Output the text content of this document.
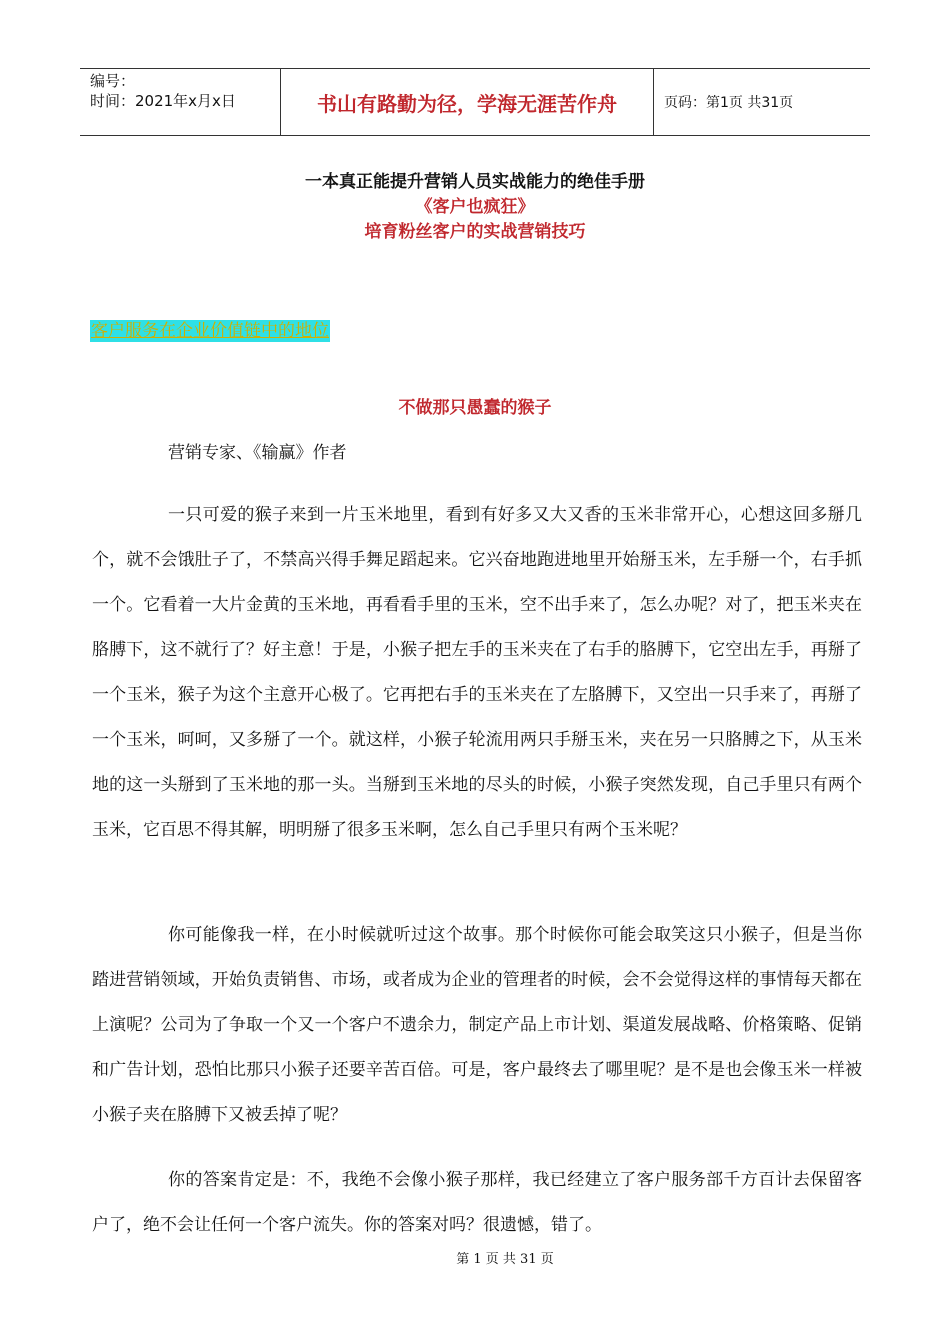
编号：
时间：2021年x月x日	书山有路勤为径，学海无涯苦作舟	页码：第1页 共31页
一本真正能提升营销人员实战能力的绝佳手册
《客户也疯狂》
培育粉丝客户的实战营销技巧
客户服务在企业价值链中的地位
不做那只愚蠢的猴子
营销专家、《输赢》作者

一只可爱的猴子来到一片玉米地里，看到有好多又大又香的玉米非常开心，心想这回多掰几个，就不会饿肚子了，不禁高兴得手舞足蹈起来。它兴奋地跑进地里开始掰玉米，左手掰一个，右手抓一个。它看着一大片金黄的玉米地，再看看手里的玉米，空不出手来了，怎么办呢？对了，把玉米夹在胳膊下，这不就行了？好主意！于是，小猴子把左手的玉米夹在了右手的胳膊下，它空出左手，再掰了一个玉米，猴子为这个主意开心极了。它再把右手的玉米夹在了左胳膊下，又空出一只手来了，再掰了一个玉米，呵呵，又多掰了一个。就这样，小猴子轮流用两只手掰玉米，夹在另一只胳膊之下，从玉米地的这一头掰到了玉米地的那一头。当掰到玉米地的尽头的时候，小猴子突然发现，自己手里只有两个玉米，它百思不得其解，明明掰了很多玉米啊，怎么自己手里只有两个玉米呢？

你可能像我一样，在小时候就听过这个故事。那个时候你可能会取笑这只小猴子，但是当你踏进营销领域，开始负责销售、市场，或者成为企业的管理者的时候，会不会觉得这样的事情每天都在上演呢？公司为了争取一个又一个客户不遗余力，制定产品上市计划、渠道发展战略、价格策略、促销和广告计划，恐怕比那只小猴子还要辛苦百倍。可是，客户最终去了哪里呢？是不是也会像玉米一样被小猴子夹在胳膊下又被丢掉了呢？

你的答案肯定是：不，我绝不会像小猴子那样，我已经建立了客户服务部千方百计去保留客户了，绝不会让任何一个客户流失。你的答案对吗？很遗憾，错了。

第 1 页 共 31 页
